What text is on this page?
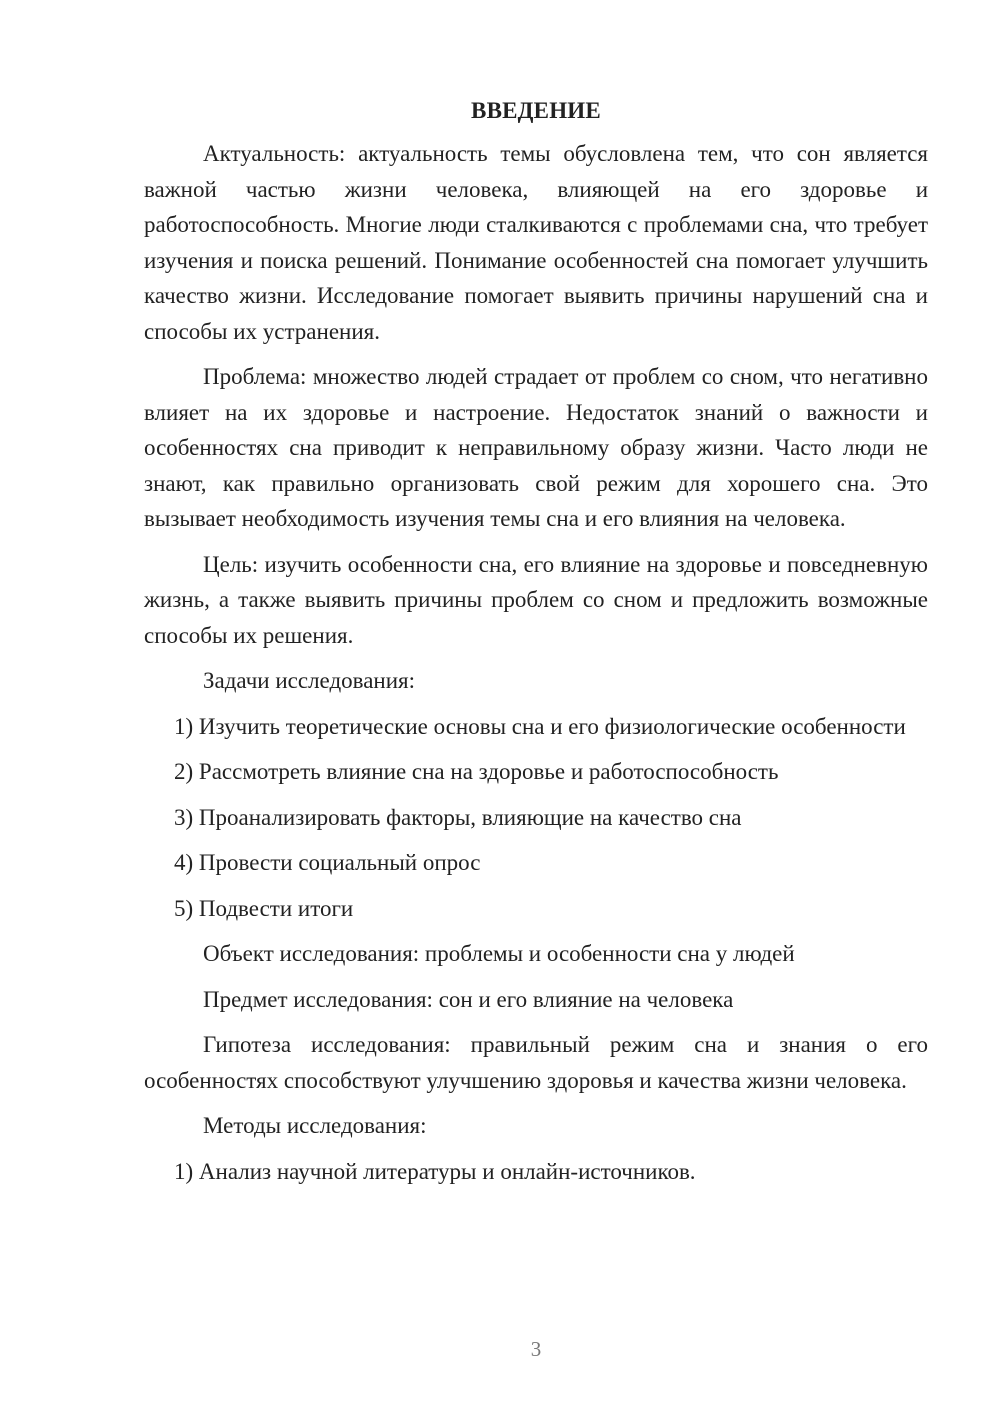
ВВЕДЕНИЕ

Актуальность: актуальность темы обусловлена тем, что сон является важной частью жизни человека, влияющей на его здоровье и работоспособность. Многие люди сталкиваются с проблемами сна, что требует изучения и поиска решений. Понимание особенностей сна помогает улучшить качество жизни. Исследование помогает выявить причины нарушений сна и способы их устранения.

Проблема: множество людей страдает от проблем со сном, что негативно влияет на их здоровье и настроение. Недостаток знаний о важности и особенностях сна приводит к неправильному образу жизни. Часто люди не знают, как правильно организовать свой режим для хорошего сна. Это вызывает необходимость изучения темы сна и его влияния на человека.

Цель: изучить особенности сна, его влияние на здоровье и повседневную жизнь, а также выявить причины проблем со сном и предложить возможные способы их решения.

Задачи исследования:

1) Изучить теоретические основы сна и его физиологические особенности

2) Рассмотреть влияние сна на здоровье и работоспособность

3) Проанализировать факторы, влияющие на качество сна

4) Провести социальный опрос

5) Подвести итоги

Объект исследования: проблемы и особенности сна у людей

Предмет исследования: сон и его влияние на человека

Гипотеза исследования: правильный режим сна и знания о его особенностях способствуют улучшению здоровья и качества жизни человека.

Методы исследования:

1) Анализ научной литературы и онлайн-источников.

3
